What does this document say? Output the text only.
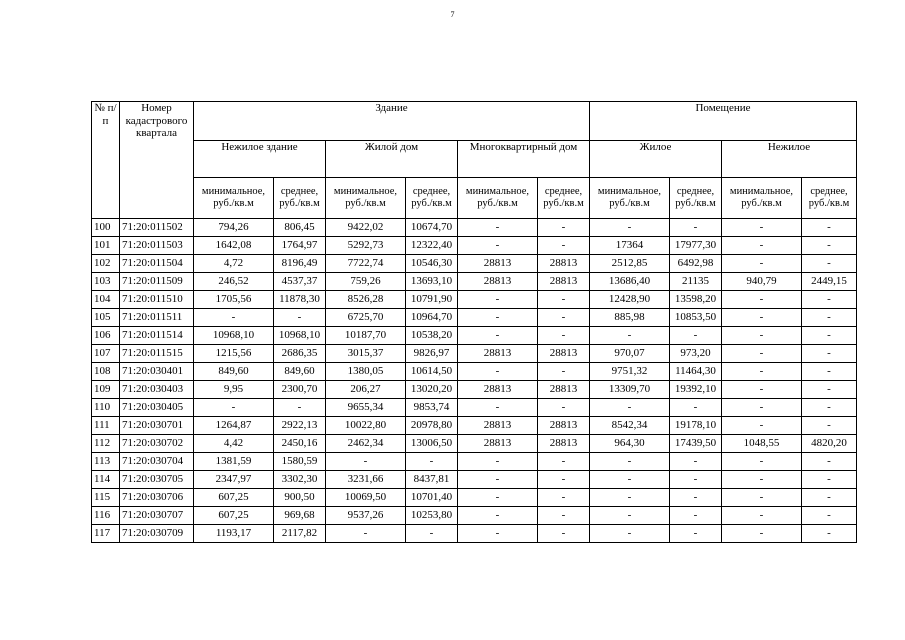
7
№ п/п	Номер кадастрового квартала	Здание						Помещение			
		Нежилое здание		Жилой дом		Многоквартирный дом		Жилое		Нежилое	
		минимальное, руб./кв.м	среднее, руб./кв.м	минимальное, руб./кв.м	среднее, руб./кв.м	минимальное, руб./кв.м	среднее, руб./кв.м	минимальное, руб./кв.м	среднее, руб./кв.м	минимальное, руб./кв.м	среднее, руб./кв.м
100	71:20:011502	794,26	806,45	9422,02	10674,70	-	-	-	-	-	-
101	71:20:011503	1642,08	1764,97	5292,73	12322,40	-	-	17364	17977,30	-	-
102	71:20:011504	4,72	8196,49	7722,74	10546,30	28813	28813	2512,85	6492,98	-	-
103	71:20:011509	246,52	4537,37	759,26	13693,10	28813	28813	13686,40	21135	940,79	2449,15
104	71:20:011510	1705,56	11878,30	8526,28	10791,90	-	-	12428,90	13598,20	-	-
105	71:20:011511	-	-	6725,70	10964,70	-	-	885,98	10853,50	-	-
106	71:20:011514	10968,10	10968,10	10187,70	10538,20	-	-	-	-	-	-
107	71:20:011515	1215,56	2686,35	3015,37	9826,97	28813	28813	970,07	973,20	-	-
108	71:20:030401	849,60	849,60	1380,05	10614,50	-	-	9751,32	11464,30	-	-
109	71:20:030403	9,95	2300,70	206,27	13020,20	28813	28813	13309,70	19392,10	-	-
110	71:20:030405	-	-	9655,34	9853,74	-	-	-	-	-	-
111	71:20:030701	1264,87	2922,13	10022,80	20978,80	28813	28813	8542,34	19178,10	-	-
112	71:20:030702	4,42	2450,16	2462,34	13006,50	28813	28813	964,30	17439,50	1048,55	4820,20
113	71:20:030704	1381,59	1580,59	-	-	-	-	-	-	-	-
114	71:20:030705	2347,97	3302,30	3231,66	8437,81	-	-	-	-	-	-
115	71:20:030706	607,25	900,50	10069,50	10701,40	-	-	-	-	-	-
116	71:20:030707	607,25	969,68	9537,26	10253,80	-	-	-	-	-	-
117	71:20:030709	1193,17	2117,82	-	-	-	-	-	-	-	-
